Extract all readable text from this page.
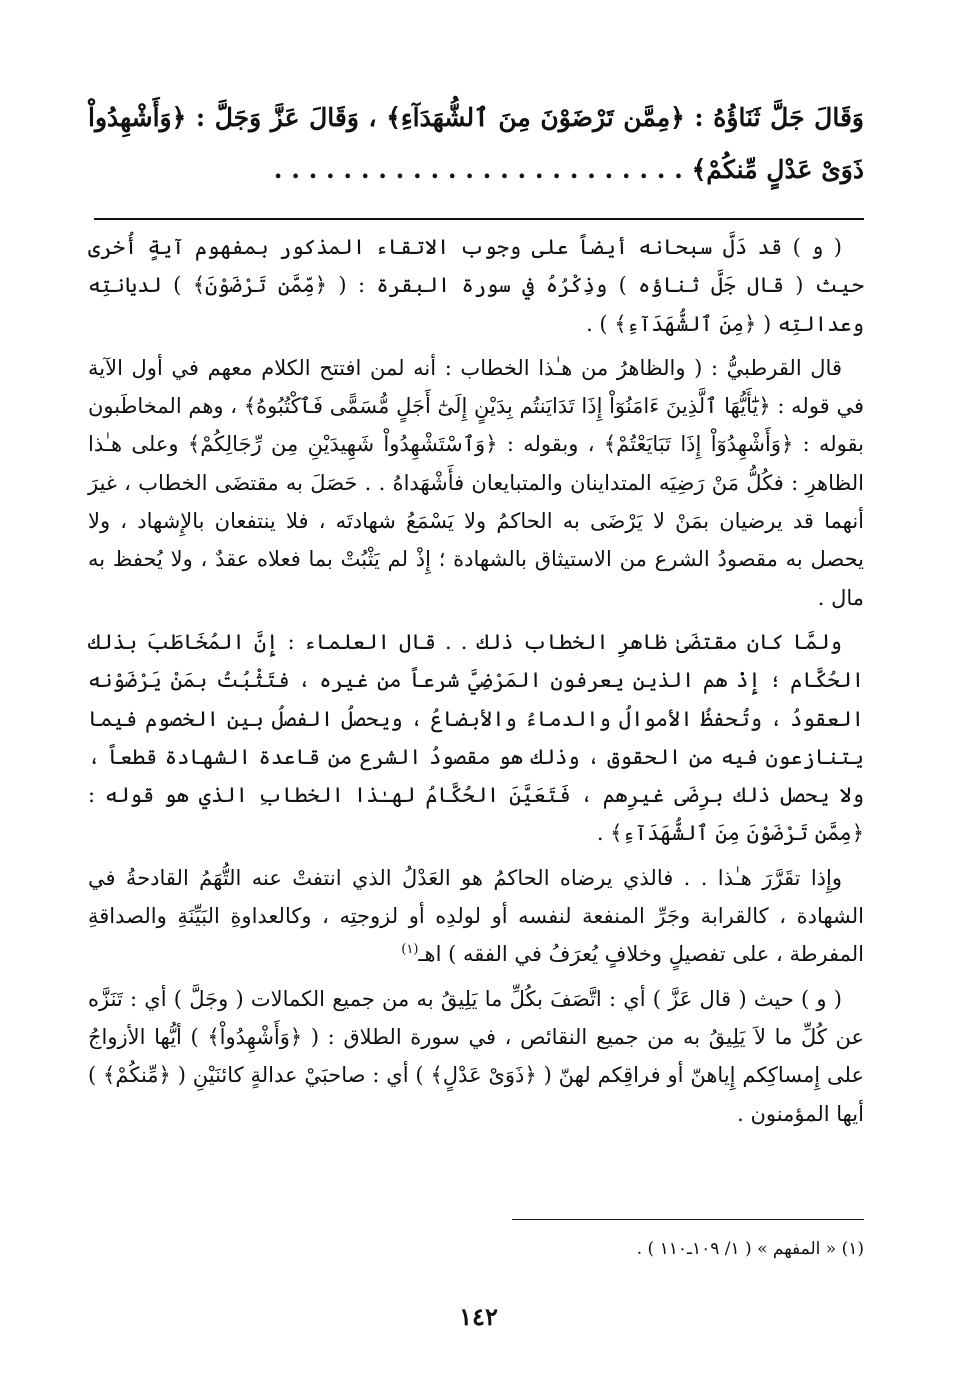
وَقَالَ جَلَّ ثَنَاؤُهُ : ﴿مِمَّن تَرْضَوْنَ مِنَ ٱلشُّهَدَآءِ﴾ ، وَقَالَ عَزَّ وَجَلَّ : ﴿وَأَشْهِدُواْ ذَوَىْ عَدْلٍ مِّنكُمْ﴾ . . . . . . . . . . . . . . . . . . . . . . . .

( و ) قد دَلَّ سبحانه أيضاً على وجوب الاتقاء المذكور بمفهوم آيةٍ أُخرى حيث ( قال جَلَّ ثناؤه ) وذِكْرُهُ في سورة البقرة : ( ﴿مِّمَّن تَرْضَوْنَ﴾ ) لديانتِه وعدالتِه ( ﴿مِنَ ٱلشُّهَدَآءِ﴾ ) .

قال القرطبيُّ : ( والظاهرُ من هـٰذا الخطاب : أنه لمن افتتح الكلام معهم في أول الآية في قوله : ﴿يَٰٓأَيُّهَا ٱلَّذِينَ ءَامَنُوٓاْ إِذَا تَدَايَنتُم بِدَيْنٍ إِلَىٰٓ أَجَلٍ مُّسَمًّى فَٱكْتُبُوهُ﴾ ، وهم المخاطَبون بقوله : ﴿وَأَشْهِدُوٓاْ إِذَا تَبَايَعْتُمْ﴾ ، وبقوله : ﴿وَٱسْتَشْهِدُواْ شَهِيدَيْنِ مِن رِّجَالِكُمْ﴾ وعلى هـٰذا الظاهرِ : فكُلُّ مَنْ رَضِيَه المتداينان والمتبايعان فأَشْهَداهُ . . حَصَلَ به مقتضَى الخطاب ، غيرَ أنهما قد يرضيان بمَنْ لا يَرْضَى به الحاكمُ ولا يَسْمَعُ شهادتَه ، فلا ينتفعان بالإِشهاد ، ولا يحصل به مقصودُ الشرع من الاستيثاق بالشهادة ؛ إِذْ لم يَثْبُتْ بما فعلاه عقدٌ ، ولا يُحفظ به مال .

ولمَّا كان مقتضَىٰ ظاهرِ الخطاب ذلك . . قال العلماء : إِنَّ المُخَاطَبَ بذلك الحُكَّام ؛ إِذْ هم الذين يعرفون المَرْضِيَّ شرعاً من غيره ، فتَثْبُتُ بمَنْ يَرْضَوْنه العقودُ ، وتُحفظُ الأموالُ والدماءُ والأبضاعُ ، ويحصلُ الفصلُ بين الخصوم فيما يتنازعون فيه من الحقوق ، وذلك هو مقصودُ الشرع من قاعدة الشهادة قطعاً ، ولا يحصل ذلك برِضَى غيرِهم ، فَتَعَيَّنَ الحُكَّامُ لهـٰذا الخطابِ الذي هو قوله : ﴿مِمَّن تَرْضَوْنَ مِنَ ٱلشُّهَدَآءِ﴾ .

وإِذا تقَرَّرَ هـٰذا . . فالذي يرضاه الحاكمُ هو العَدْلُ الذي انتفتْ عنه التُّهَمُ القادحةُ في الشهادة ، كالقرابة وجَرِّ المنفعة لنفسه أو لولدِه أو لزوجتِه ، وكالعداوةِ البَيِّنَةِ والصداقةِ المفرطة ، على تفصيلٍ وخلافٍ يُعرَفُ في الفقه ) اهـ$^{(١)}$

( و ) حيث ( قال عَزَّ ) أي : اتَّصَفَ بكُلِّ ما يَلِيقُ به من جميع الكمالات ( وجَلَّ ) أي : تَنَزَّه عن كُلِّ ما لاَ يَلِيقُ به من جميع النقائص ، في سورة الطلاق : ( ﴿وَأَشْهِدُواْ﴾ ) أيُّها الأزواجُ على إِمساكِكم إِياهنّ أو فراقِكم لهنّ ( ﴿ذَوَىْ عَدْلٍ﴾ ) أي : صاحبَيْ عدالةٍ كائنَيْنِ ( ﴿مِّنكُمْ﴾ ) أيها المؤمنون .

(١) « المفهم » ( ١/ ١٠٩ـ١١٠ ) .
١٤٢
